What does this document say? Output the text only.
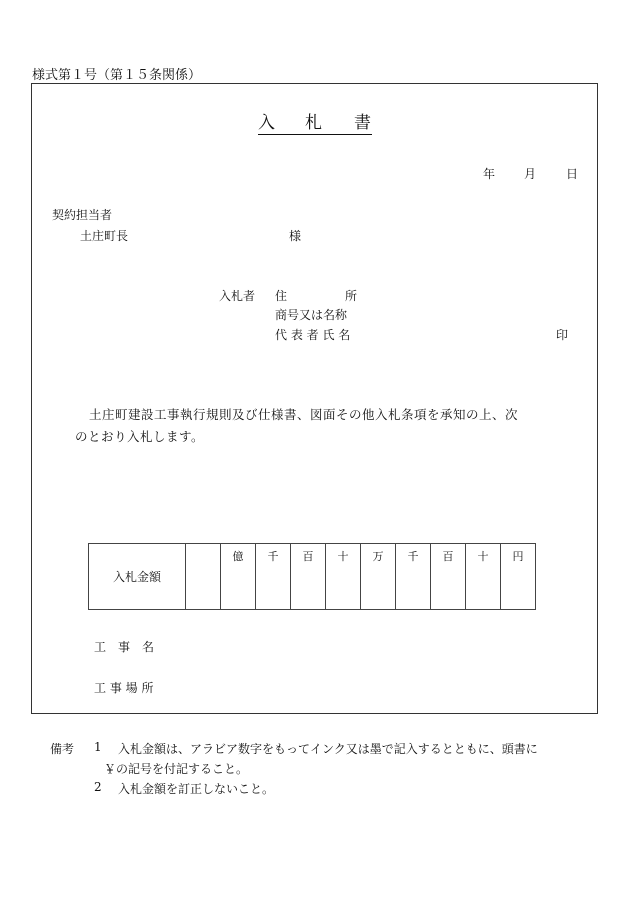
様式第１号（第１５条関係）
入 札 書
年 月 日
契約担当者
土庄町長	様
入札者 住	所
商号又は名称
代 表 者 氏 名	印
土庄町建設工事執行規則及び仕様書、図面その他入札条項を承知の上、次
のとおり入札します。
入札金額	

億	千	百	十	万	千	百	十	円
工　事　名
工 事 場 所
備考 1 入札金額は、アラビア数字をもってインク又は墨で記入するとともに、頭書に
￥の記号を付記すること。
2 入札金額を訂正しないこと。
